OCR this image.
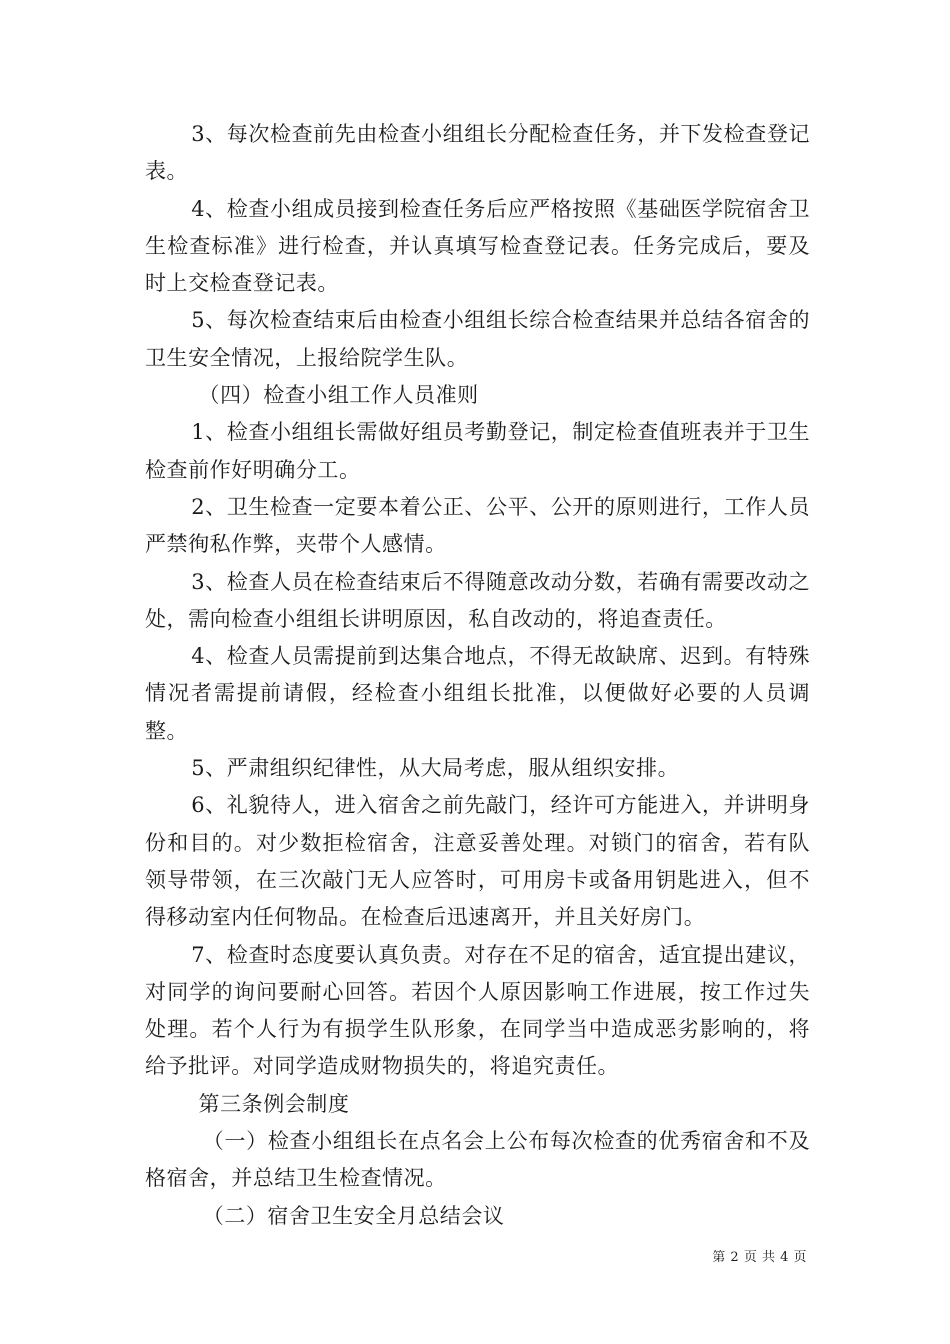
3、每次检查前先由检查小组组长分配检查任务，并下发检查登记表。

4、检查小组成员接到检查任务后应严格按照《基础医学院宿舍卫生检查标准》进行检查，并认真填写检查登记表。任务完成后，要及时上交检查登记表。

5、每次检查结束后由检查小组组长综合检查结果并总结各宿舍的卫生安全情况，上报给院学生队。

（四）检查小组工作人员准则

1、检查小组组长需做好组员考勤登记，制定检查值班表并于卫生检查前作好明确分工。

2、卫生检查一定要本着公正、公平、公开的原则进行，工作人员严禁徇私作弊，夹带个人感情。

3、检查人员在检查结束后不得随意改动分数，若确有需要改动之处，需向检查小组组长讲明原因，私自改动的，将追查责任。

4、检查人员需提前到达集合地点，不得无故缺席、迟到。有特殊情况者需提前请假，经检查小组组长批准，以便做好必要的人员调整。

5、严肃组织纪律性，从大局考虑，服从组织安排。

6、礼貌待人，进入宿舍之前先敲门，经许可方能进入，并讲明身份和目的。对少数拒检宿舍，注意妥善处理。对锁门的宿舍，若有队领导带领，在三次敲门无人应答时，可用房卡或备用钥匙进入，但不得移动室内任何物品。在检查后迅速离开，并且关好房门。

7、检查时态度要认真负责。对存在不足的宿舍，适宜提出建议，对同学的询问要耐心回答。若因个人原因影响工作进展，按工作过失处理。若个人行为有损学生队形象，在同学当中造成恶劣影响的，将给予批评。对同学造成财物损失的，将追究责任。

第三条例会制度

（一）检查小组组长在点名会上公布每次检查的优秀宿舍和不及格宿舍，并总结卫生检查情况。

（二）宿舍卫生安全月总结会议

第 2 页 共 4 页
